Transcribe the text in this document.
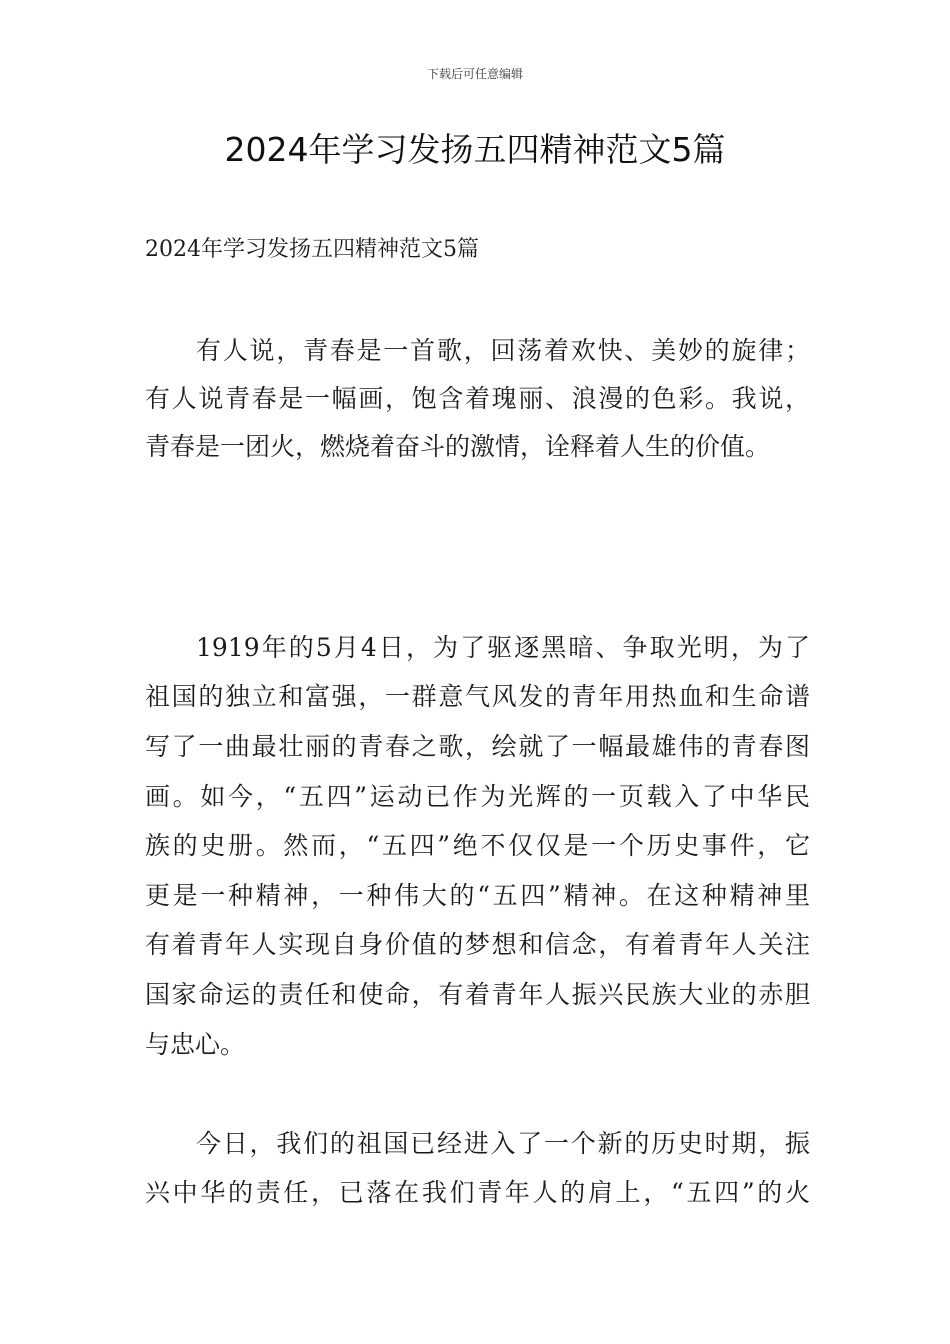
下载后可任意编辑
2024年学习发扬五四精神范文5篇

2024年学习发扬五四精神范文5篇

有人说，青春是一首歌，回荡着欢快、美妙的旋律；

有人说青春是一幅画，饱含着瑰丽、浪漫的色彩。我说，

青春是一团火，燃烧着奋斗的激情，诠释着人生的价值。

1919年的5月4日，为了驱逐黑暗、争取光明，为了

祖国的独立和富强，一群意气风发的青年用热血和生命谱

写了一曲最壮丽的青春之歌，绘就了一幅最雄伟的青春图

画。如今，“五四”运动已作为光辉的一页载入了中华民

族的史册。然而，“五四”绝不仅仅是一个历史事件，它

更是一种精神，一种伟大的“五四”精神。在这种精神里

有着青年人实现自身价值的梦想和信念，有着青年人关注

国家命运的责任和使命，有着青年人振兴民族大业的赤胆

与忠心。

今日，我们的祖国已经进入了一个新的历史时期，振

兴中华的责任，已落在我们青年人的肩上，“五四”的火
